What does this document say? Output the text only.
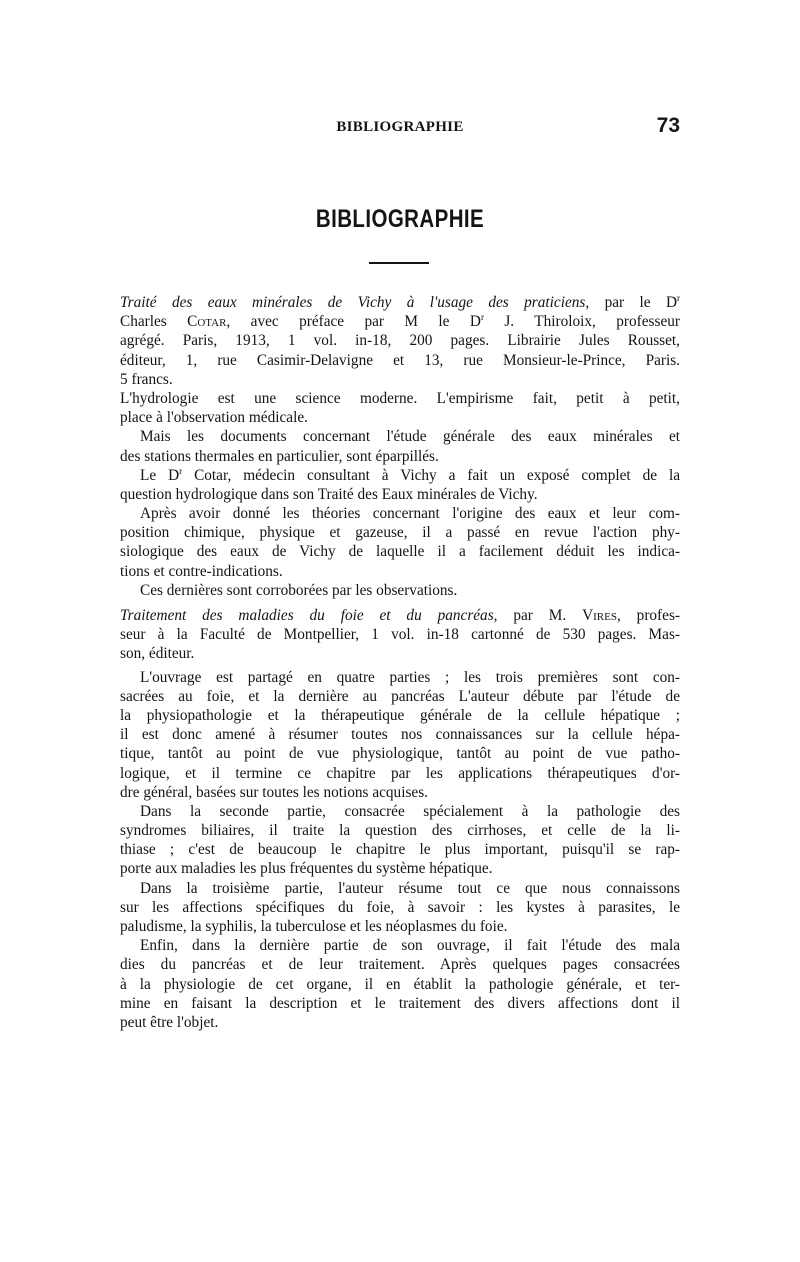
BIBLIOGRAPHIE	73
BIBLIOGRAPHIE
Traité des eaux minérales de Vichy à l'usage des praticiens, par le $D^r$
Charles Cotar, avec préface par M le $D^r$ J. Thiroloix, professeur
agrégé. Paris, 1913, 1 vol. in-18, 200 pages. Librairie Jules Rousset,
éditeur, 1, rue Casimir-Delavigne et 13, rue Monsieur-le-Prince, Paris.
5 francs.
L'hydrologie est une science moderne. L'empirisme fait, petit à petit,
place à l'observation médicale.
Mais les documents concernant l'étude générale des eaux minérales et
des stations thermales en particulier, sont éparpillés.
Le $D^r$ Cotar, médecin consultant à Vichy a fait un exposé complet de la
question hydrologique dans son Traité des Eaux minérales de Vichy.
Après avoir donné les théories concernant l'origine des eaux et leur com-
position chimique, physique et gazeuse, il a passé en revue l'action phy-
siologique des eaux de Vichy de laquelle il a facilement déduit les indica-
tions et contre-indications.
Ces dernières sont corroborées par les observations.
Traitement des maladies du foie et du pancréas, par M. Vires, profes-
seur à la Faculté de Montpellier, 1 vol. in-18 cartonné de 530 pages. Mas-
son, éditeur.
L'ouvrage est partagé en quatre parties ; les trois premières sont con-
sacrées au foie, et la dernière au pancréas L'auteur débute par l'étude de
la physiopathologie et la thérapeutique générale de la cellule hépatique ;
il est donc amené à résumer toutes nos connaissances sur la cellule hépa-
tique, tantôt au point de vue physiologique, tantôt au point de vue patho-
logique, et il termine ce chapitre par les applications thérapeutiques d'or-
dre général, basées sur toutes les notions acquises.
Dans la seconde partie, consacrée spécialement à la pathologie des
syndromes biliaires, il traite la question des cirrhoses, et celle de la li-
thiase ; c'est de beaucoup le chapitre le plus important, puisqu'il se rap-
porte aux maladies les plus fréquentes du système hépatique.
Dans la troisième partie, l'auteur résume tout ce que nous connaissons
sur les affections spécifiques du foie, à savoir : les kystes à parasites, le
paludisme, la syphilis, la tuberculose et les néoplasmes du foie.
Enfin, dans la dernière partie de son ouvrage, il fait l'étude des mala
dies du pancréas et de leur traitement. Après quelques pages consacrées
à la physiologie de cet organe, il en établit la pathologie générale, et ter-
mine en faisant la description et le traitement des divers affections dont il
peut être l'objet.
